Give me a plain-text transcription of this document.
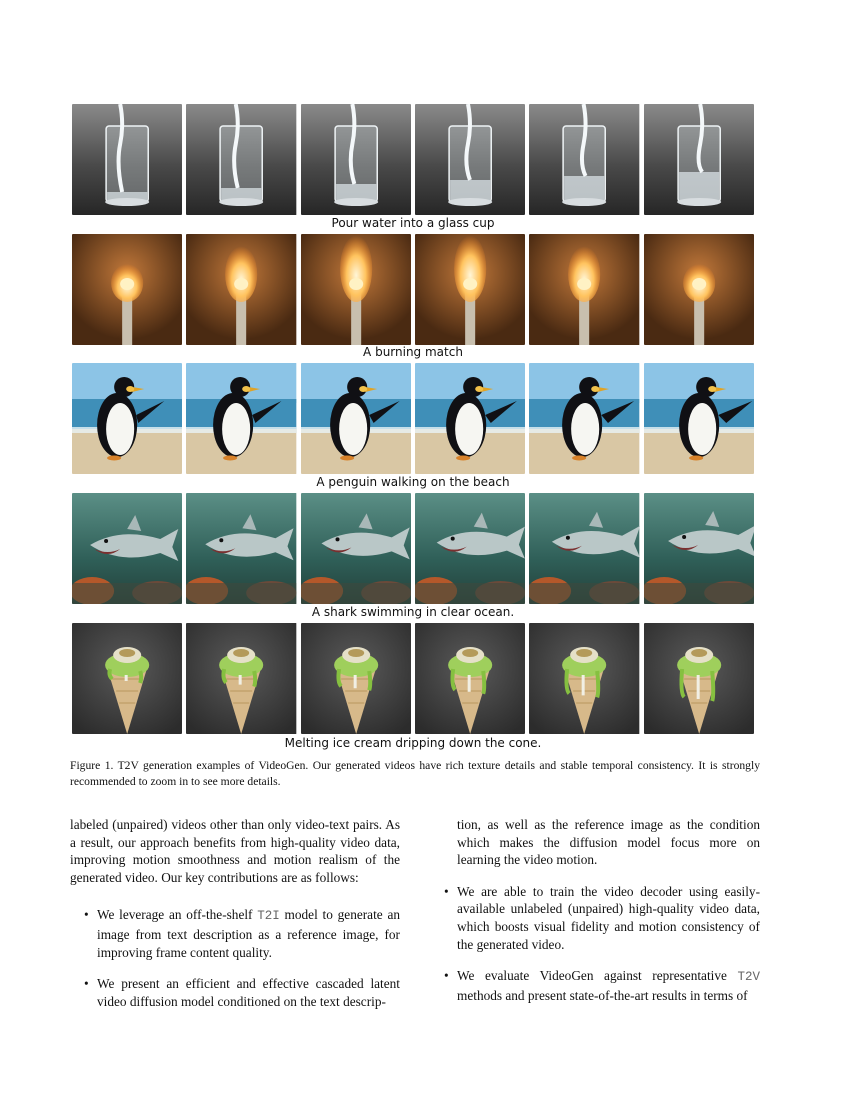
Pour water into a glass cup
A burning match
A penguin walking on the beach
A shark swimming in clear ocean.
Melting ice cream dripping down the cone.
Figure 1. T2V generation examples of VideoGen. Our generated videos have rich texture details and stable temporal consistency. It is strongly recommended to zoom in to see more details.

labeled (unpaired) videos other than only video-text pairs. As a result, our approach benefits from high-quality video data, improving motion smoothness and motion realism of the generated video. Our key contributions are as follows:

• We leverage an off-the-shelf T2I model to generate an image from text description as a reference image, for improving frame content quality.
• We present an efficient and effective cascaded latent video diffusion model conditioned on the text descrip-
tion, as well as the reference image as the condition which makes the diffusion model focus more on learning the video motion.
• We are able to train the video decoder using easily-available unlabeled (unpaired) high-quality video data, which boosts visual fidelity and motion consistency of the generated video.
• We evaluate VideoGen against representative T2V methods and present state-of-the-art results in terms of
